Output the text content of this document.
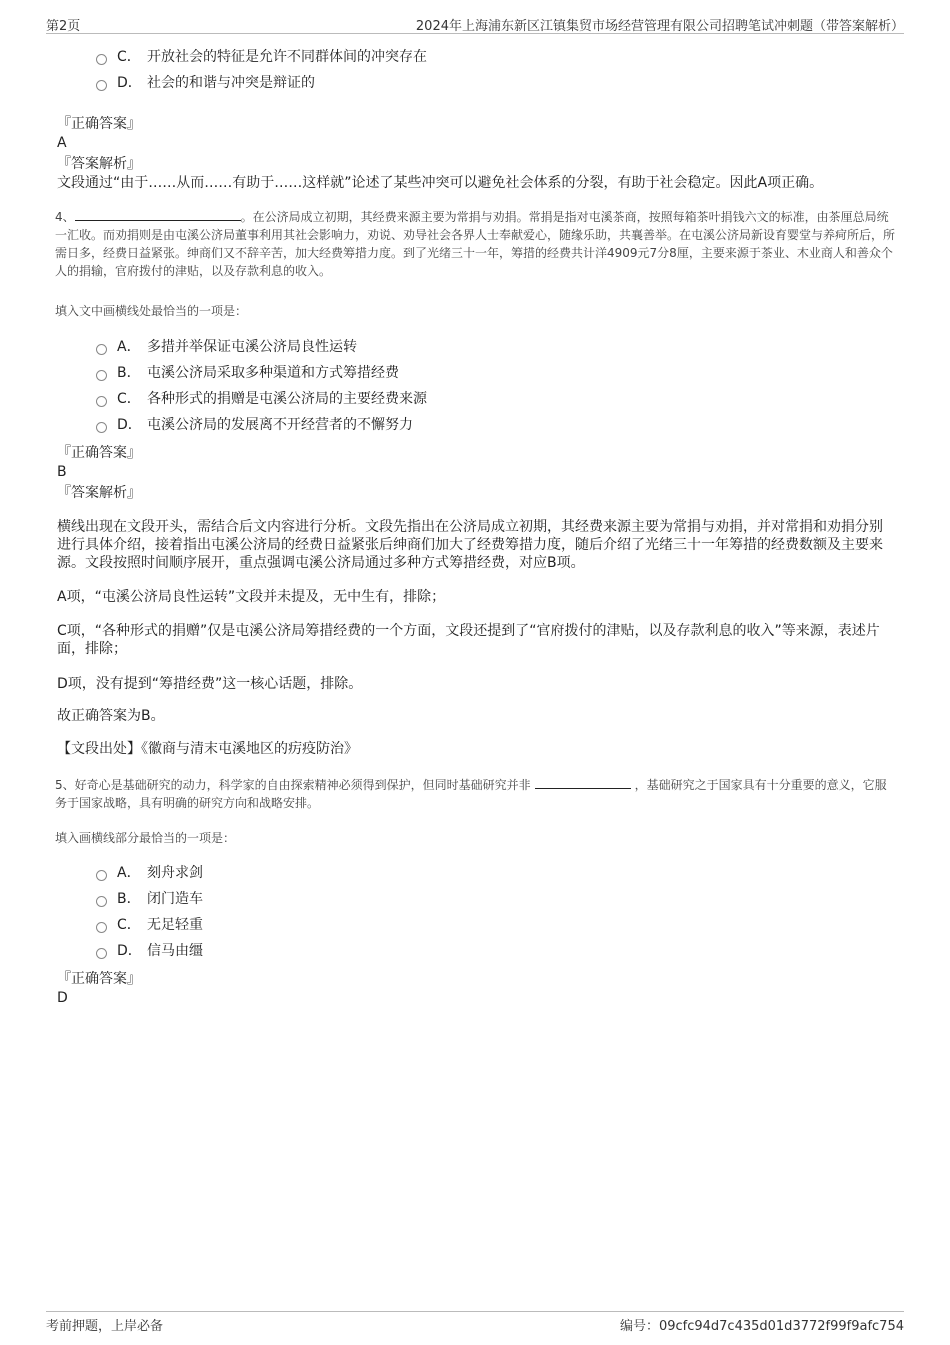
第2页	2024年上海浦东新区江镇集贸市场经营管理有限公司招聘笔试冲刺题（带答案解析）
C． 开放社会的特征是允许不同群体间的冲突存在
D． 社会的和谐与冲突是辩证的
『正确答案』
A
『答案解析』
文段通过“由于……从而……有助于……这样就”论述了某些冲突可以避免社会体系的分裂，有助于社会稳定。因此A项正确。
4、	。在公济局成立初期，其经费来源主要为常捐与劝捐。常捐是指对屯溪茶商，按照每箱茶叶捐钱六文的标准，由茶厘总局统一汇收。而劝捐则是由屯溪公济局董事利用其社会影响力，劝说、劝导社会各界人士奉献爱心，随缘乐助，共襄善举。在屯溪公济局新设育婴堂与养疴所后，所需日多，经费日益紧张。绅商们又不辞辛苦，加大经费筹措力度。到了光绪三十一年，筹措的经费共计洋4909元7分8厘，主要来源于茶业、木业商人和善众个人的捐输，官府拨付的津贴，以及存款利息的收入。
填入文中画横线处最恰当的一项是：
A． 多措并举保证屯溪公济局良性运转
B． 屯溪公济局采取多种渠道和方式筹措经费
C． 各种形式的捐赠是屯溪公济局的主要经费来源
D． 屯溪公济局的发展离不开经营者的不懈努力
『正确答案』
B
『答案解析』
横线出现在文段开头，需结合后文内容进行分析。文段先指出在公济局成立初期，其经费来源主要为常捐与劝捐，并对常捐和劝捐分别进行具体介绍，接着指出屯溪公济局的经费日益紧张后绅商们加大了经费筹措力度，随后介绍了光绪三十一年筹措的经费数额及主要来源。文段按照时间顺序展开，重点强调屯溪公济局通过多种方式筹措经费，对应B项。
A项，“屯溪公济局良性运转”文段并未提及，无中生有，排除；
C项，“各种形式的捐赠”仅是屯溪公济局筹措经费的一个方面，文段还提到了“官府拨付的津贴，以及存款利息的收入”等来源，表述片面，排除；
D项，没有提到“筹措经费”这一核心话题，排除。
故正确答案为B。
【文段出处】《徽商与清末屯溪地区的疠疫防治》
5、好奇心是基础研究的动力，科学家的自由探索精神必须得到保护，但同时基础研究并非	，基础研究之于国家具有十分重要的意义，它服务于国家战略，具有明确的研究方向和战略安排。
填入画横线部分最恰当的一项是：
A． 刻舟求剑
B． 闭门造车
C． 无足轻重
D． 信马由缰
『正确答案』
D
考前押题，上岸必备	编号：09cfc94d7c435d01d3772f99f9afc754
